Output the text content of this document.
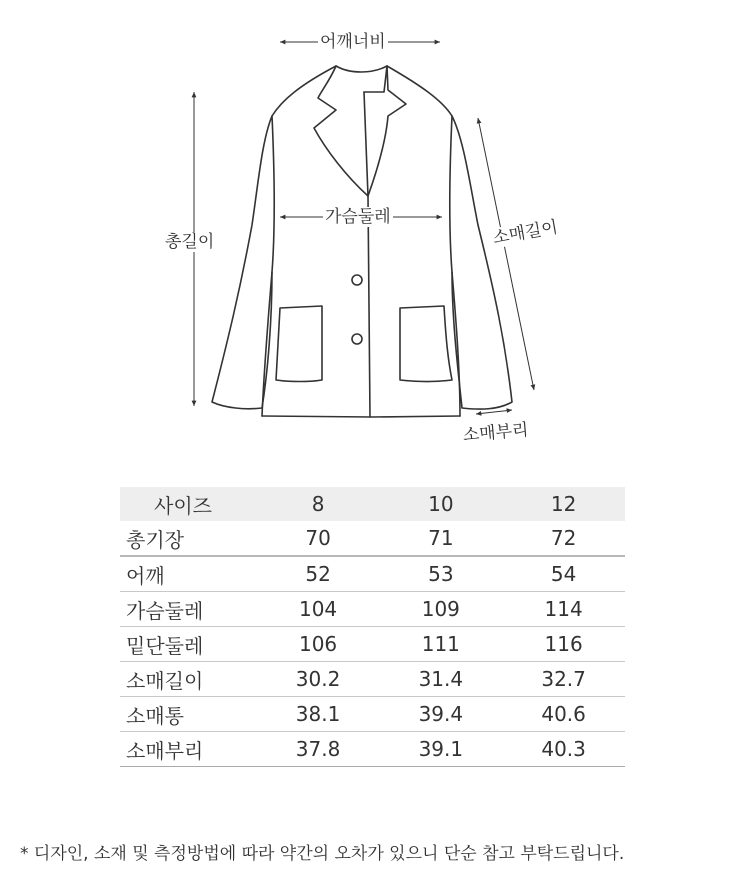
어깨너비
가슴둘레
총길이	소매길이
소매부리
사이즈	8	10	12
총기장	70	71	72
어깨	52	53	54
가슴둘레	104	109	114
밑단둘레	106	111	116
소매길이	30.2	31.4	32.7
소매통	38.1	39.4	40.6
소매부리	37.8	39.1	40.3
* 디자인, 소재 및 측정방법에 따라 약간의 오차가 있으니 단순 참고 부탁드립니다.
